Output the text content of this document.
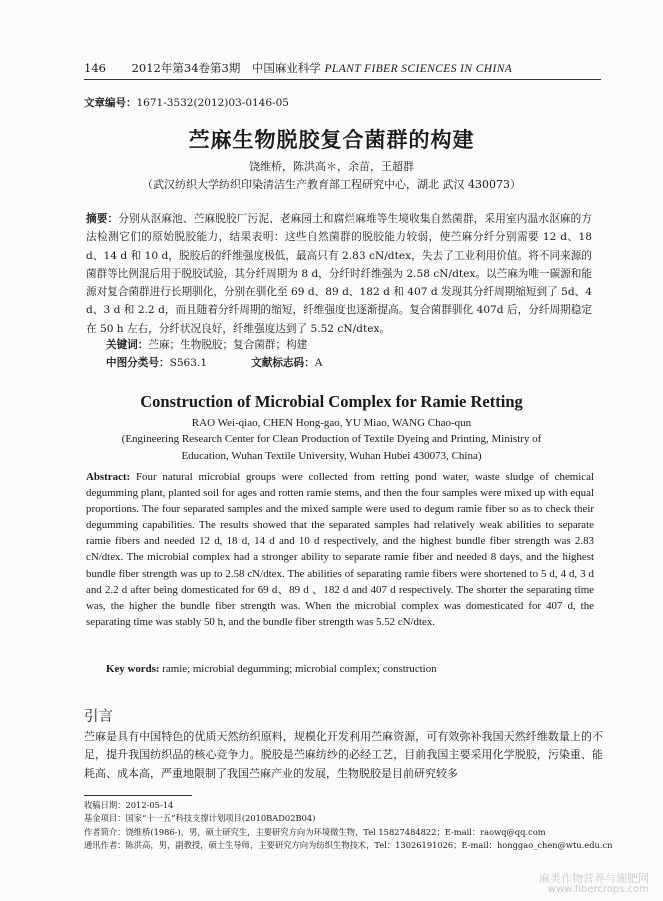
146 2012年第34卷第3期　中国麻业科学 PLANT FIBER SCIENCES IN CHINA
文章编号：1671-3532(2012)03-0146-05
苎麻生物脱胶复合菌群的构建
饶维桥，陈洪高＊，余苗，王超群
（武汉纺织大学纺织印染清洁生产教育部工程研究中心，湖北 武汉 430073）
摘要：分别从沤麻池、苎麻脱胶厂污泥、老麻园土和腐烂麻堆等生境收集自然菌群，采用室内温水沤麻的方法检测它们的原始脱胶能力，结果表明：这些自然菌群的脱胶能力较弱，使苎麻分纤分别需要 12 d、18 d、14 d 和 10 d，脱胶后的纤维强度极低，最高只有 2.83 cN/dtex，失去了工业利用价值。将不同来源的菌群等比例混后用于脱胶试验，其分纤周期为 8 d，分纤时纤维强为 2.58 cN/dtex。以苎麻为唯一碳源和能源对复合菌群进行长期驯化，分别在驯化至 69 d、89 d、182 d 和 407 d 发现其分纤周期缩短到了 5d、4 d、3 d 和 2.2 d，而且随着分纤周期的缩短，纤维强度也逐渐提高。复合菌群驯化 407d 后，分纤周期稳定在 50 h 左右，分纤状况良好，纤维强度达到了 5.52 cN/dtex。
关键词：苎麻；生物脱胶；复合菌群；构建
中图分类号：S563.1	文献标志码：A
Construction of Microbial Complex for Ramie Retting
RAO Wei-qiao, CHEN Hong-gao, YU Miao, WANG Chao-qun
(Engineering Research Center for Clean Production of Textile Dyeing and Printing, Ministry of
Education, Wuhan Textile University, Wuhan Hubei 430073, China)
Abstract: Four natural microbial groups were collected from retting pond water, waste sludge of chemical degumming plant, planted soil for ages and rotten ramie stems, and then the four samples were mixed up with equal proportions. The four separated samples and the mixed sample were used to degum ramie fiber so as to check their degumming capabilities. The results showed that the separated samples had relatively weak abilities to separate ramie fibers and needed 12 d, 18 d, 14 d and 10 d respectively, and the highest bundle fiber strength was 2.83 cN/dtex. The microbial complex had a stronger ability to separate ramie fiber and needed 8 days, and the highest bundle fiber strength was up to 2.58 cN/dtex. The abilities of separating ramie fibers were shortened to 5 d, 4 d, 3 d and 2.2 d after being domesticated for 69 d、89 d 、182 d and 407 d respectively. The shorter the separating time was, the higher the bundle fiber strength was. When the microbial complex was domesticated for 407 d, the separating time was stably 50 h, and the bundle fiber strength was 5.52 cN/dtex.
Key words: ramie; microbial degumming; microbial complex; construction
引言
苎麻是具有中国特色的优质天然纺织原料，规模化开发利用苎麻资源，可有效弥补我国天然纤维数量上的不足，提升我国纺织品的核心竞争力。脱胶是苎麻纺纱的必经工艺，目前我国主要采用化学脱胶，污染重、能耗高、成本高，严重地限制了我国苎麻产业的发展，生物脱胶是目前研究较多
收稿日期：2012-05-14
基金项目：国家“十一五”科技支撑计划项目(2010BAD02B04)
作者简介：饶维桥(1986-)，男，硕士研究生，主要研究方向为环境微生物，Tel 15827484822；E-mail：raowq@qq.com
通讯作者：陈洪高，男，副教授，硕士生导师，主要研究方向为纺织生物技术，Tel：13026191026；E-mail：honggao_chen@wtu.edu.cn
麻类作物营养与施肥网
www.fibercrops.com
